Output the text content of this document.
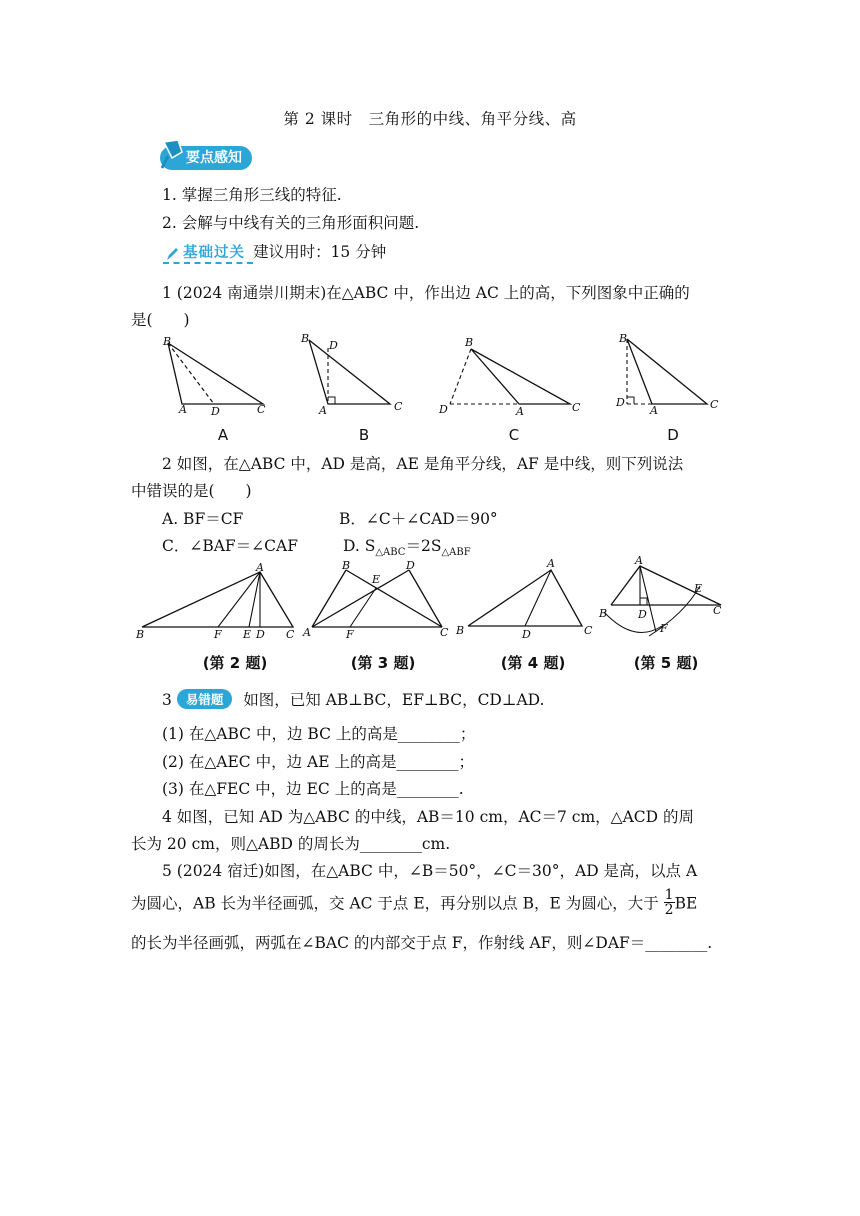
第 2 课时　三角形的中线、角平分线、高
要点感知
1. 掌握三角形三线的特征.
2. 会解与中线有关的三角形面积问题.
基础过关 建议用时：15 分钟
1 (2024 南通崇川期末)在△ABC 中，作出边 AC 上的高，下列图象中正确的
是(　　)
B
A D	C
B
D
A	C
B
D	A	C
B
D
A	C
A	B	C	D
2 如图，在△ABC 中，AD 是高，AE 是角平分线，AF 是中线，则下列说法
中错误的是(　　)
A. BF＝CF	B．∠C＋∠CAD＝90°
C．∠BAF＝∠CAF	D. $S_{\triangle ABC}=2S_{\triangle ABF}$
A
B	F E D C
B	D
E
A	F	C
A
B	D	C
A
B	D
E
C
F
(第 2 题)	(第 3 题)	(第 4 题)	(第 5 题)
3 易错题 如图，已知 AB⊥BC，EF⊥BC，CD⊥AD.
(1) 在△ABC 中，边 BC 上的高是________；
(2) 在△AEC 中，边 AE 上的高是________；
(3) 在△FEC 中，边 EC 上的高是________.
4 如图，已知 AD 为△ABC 的中线，AB＝10 cm，AC＝7 cm，△ACD 的周
长为 20 cm，则△ABD 的周长为________cm.
5 (2024 宿迁)如图，在△ABC 中，∠B＝50°，∠C＝30°，AD 是高，以点 A
为圆心，AB 长为半径画弧，交 AC 于点 E，再分别以点 B，E 为圆心，大于 $\frac{1}{2}$ BE
的长为半径画弧，两弧在∠BAC 的内部交于点 F，作射线 AF，则∠DAF＝________.
